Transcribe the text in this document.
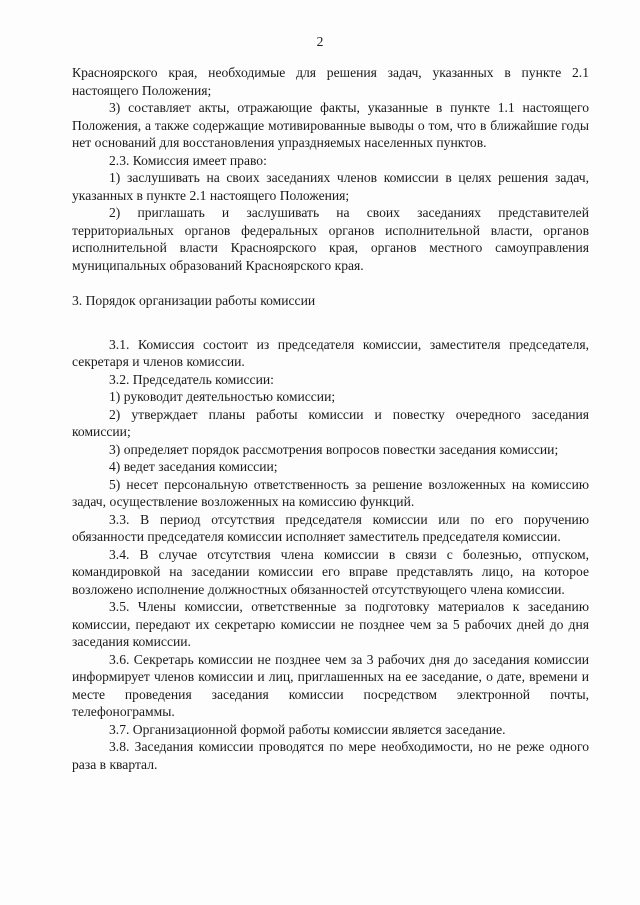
2

Красноярского края, необходимые для решения задач, указанных в пункте 2.1 настоящего Положения;

3) составляет акты, отражающие факты, указанные в пункте 1.1 настоящего Положения, а также содержащие мотивированные выводы о том, что в ближайшие годы нет оснований для восстановления упраздняемых населенных пунктов.

2.3. Комиссия имеет право:

1) заслушивать на своих заседаниях членов комиссии в целях решения задач, указанных в пункте 2.1 настоящего Положения;

2) приглашать и заслушивать на своих заседаниях представителей территориальных органов федеральных органов исполнительной власти, органов исполнительной власти Красноярского края, органов местного самоуправления муниципальных образований Красноярского края.

3. Порядок организации работы комиссии

3.1. Комиссия состоит из председателя комиссии, заместителя председателя, секретаря и членов комиссии.

3.2. Председатель комиссии:

1) руководит деятельностью комиссии;

2) утверждает планы работы комиссии и повестку очередного заседания комиссии;

3) определяет порядок рассмотрения вопросов повестки заседания комиссии;

4) ведет заседания комиссии;

5) несет персональную ответственность за решение возложенных на комиссию задач, осуществление возложенных на комиссию функций.

3.3. В период отсутствия председателя комиссии или по его поручению обязанности председателя комиссии исполняет заместитель председателя комиссии.

3.4. В случае отсутствия члена комиссии в связи с болезнью, отпуском, командировкой на заседании комиссии его вправе представлять лицо, на которое возложено исполнение должностных обязанностей отсутствующего члена комиссии.

3.5. Члены комиссии, ответственные за подготовку материалов к заседанию комиссии, передают их секретарю комиссии не позднее чем за 5 рабочих дней до дня заседания комиссии.

3.6. Секретарь комиссии не позднее чем за 3 рабочих дня до заседания комиссии информирует членов комиссии и лиц, приглашенных на ее заседание, о дате, времени и месте проведения заседания комиссии посредством электронной почты, телефонограммы.

3.7. Организационной формой работы комиссии является заседание.

3.8. Заседания комиссии проводятся по мере необходимости, но не реже одного раза в квартал.
